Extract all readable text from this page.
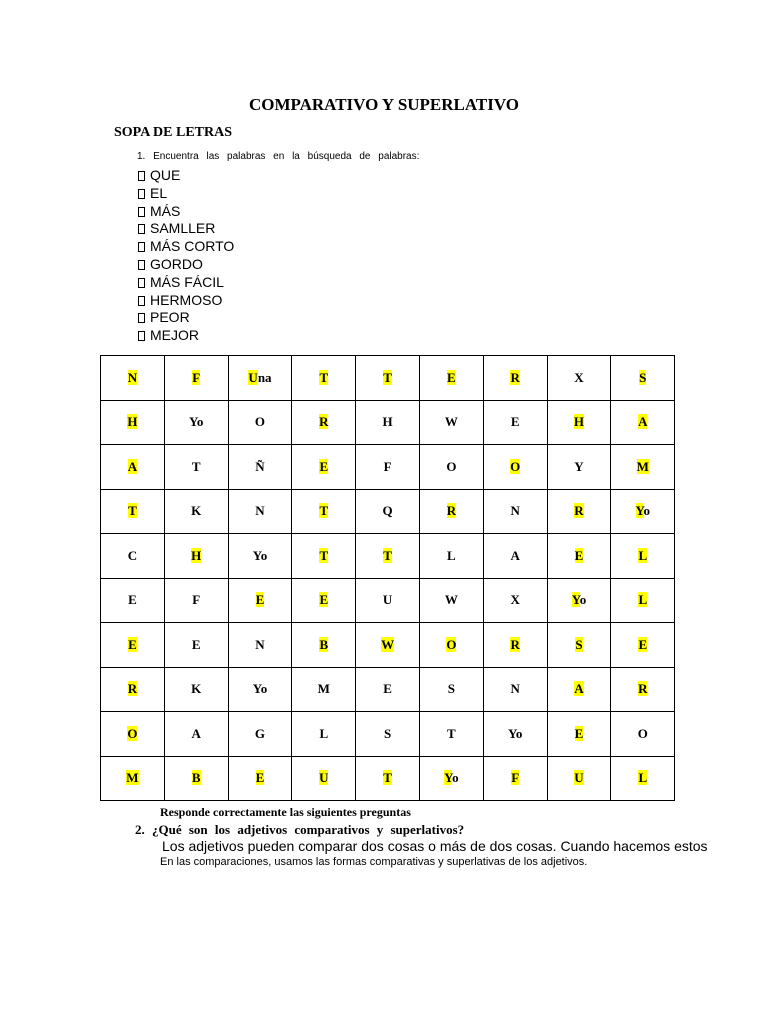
COMPARATIVO Y SUPERLATIVO
SOPA DE LETRAS
1. Encuentra las palabras en la búsqueda de palabras:
QUE
EL
MÁS
SAMLLER
MÁS CORTO
GORDO
MÁS FÁCIL
HERMOSO
PEOR
MEJOR
N	F	Una	T	T	E	R	X	S
H	Yo	O	R	H	W	E	H	A
A	T	Ñ	E	F	O	O	Y	M
T	K	N	T	Q	R	N	R	Yo
C	H	Yo	T	T	L	A	E	L
E	F	E	E	U	W	X	Yo	L
E	E	N	B	W	O	R	S	E
R	K	Yo	M	E	S	N	A	R
O	A	G	L	S	T	Yo	E	O
M	B	E	U	T	Yo	F	U	L
Responde correctamente las siguientes preguntas
2. ¿Qué son los adjetivos comparativos y superlativos?
Los adjetivos pueden comparar dos cosas o más de dos cosas. Cuando hacemos estos
En las comparaciones, usamos las formas comparativas y superlativas de los adjetivos.
